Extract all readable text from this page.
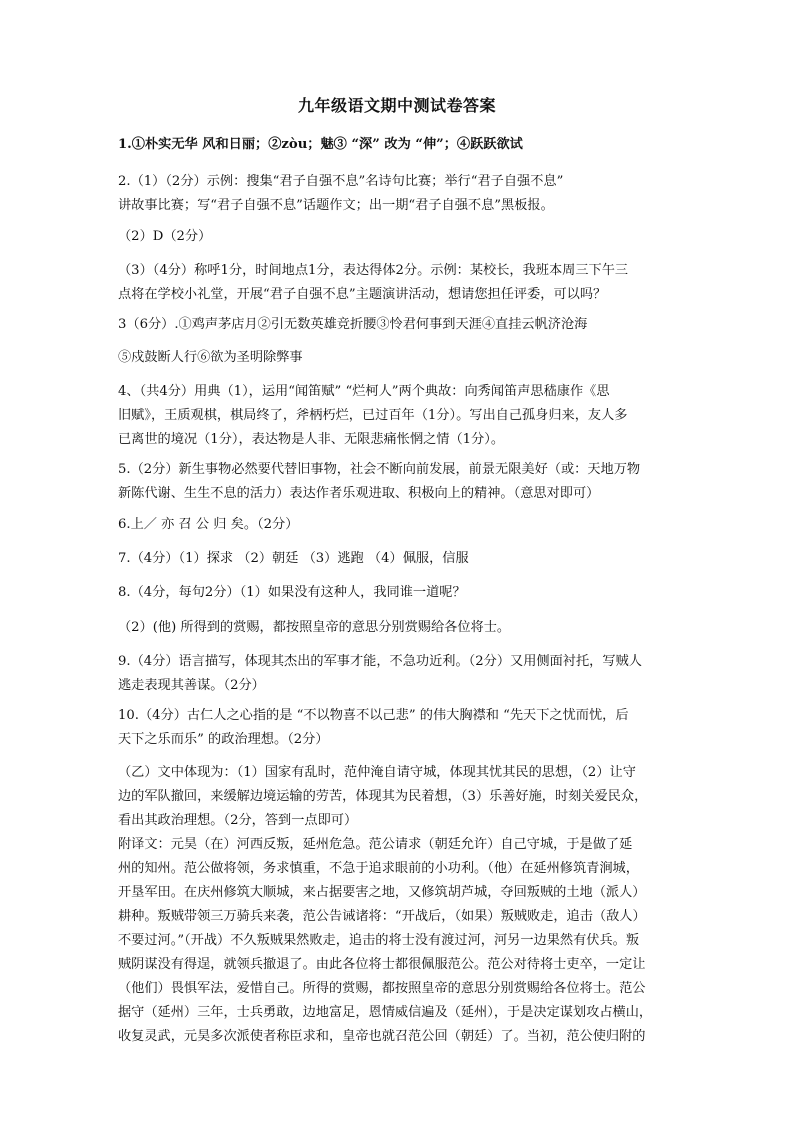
九年级语文期中测试卷答案
1.①朴实无华 风和日丽；②zòu；魅③ “深” 改为 “伸”；④跃跃欲试
2.（1）（2分）示例：搜集“君子自强不息”名诗句比赛；举行“君子自强不息”
讲故事比赛；写“君子自强不息”话题作文；出一期“君子自强不息”黑板报。
（2）D（2分）
（3）（4分）称呼1分，时间地点1分，表达得体2分。示例：某校长，我班本周三下午三
点将在学校小礼堂，开展“君子自强不息”主题演讲活动，想请您担任评委，可以吗？
3（6分）.①鸡声茅店月②引无数英雄竞折腰③怜君何事到天涯④直挂云帆济沧海
⑤戍鼓断人行⑥欲为圣明除弊事
4、（共4分）用典（1），运用“闻笛赋” “烂柯人”两个典故：向秀闻笛声思嵇康作《思
旧赋》，王质观棋，棋局终了，斧柄朽烂，已过百年（1分）。写出自己孤身归来，友人多
已离世的境况（1分），表达物是人非、无限悲痛怅惘之情（1分）。
5.（2分）新生事物必然要代替旧事物，社会不断向前发展，前景无限美好（或：天地万物
新陈代谢、生生不息的活力）表达作者乐观进取、积极向上的精神。（意思对即可）
6.上／ 亦 召 公 归 矣。（2分）
7.（4分）（1）探求 （2）朝廷 （3）逃跑 （4）佩服，信服
8.（4分，每句2分）（1）如果没有这种人，我同谁一道呢？
（2）(他) 所得到的赏赐，都按照皇帝的意思分别赏赐给各位将士。
9.（4分）语言描写，体现其杰出的军事才能，不急功近利。（2分）又用侧面衬托，写贼人
逃走表现其善谋。（2分）
10.（4分）古仁人之心指的是 “不以物喜不以己悲” 的伟大胸襟和 “先天下之忧而忧，后
天下之乐而乐” 的政治理想。（2分）
（乙）文中体现为：（1）国家有乱时，范仲淹自请守城，体现其忧其民的思想，（2）让守
边的军队撤回，来缓解边境运输的劳苦，体现其为民着想，（3）乐善好施，时刻关爱民众，
看出其政治理想。（2分，答到一点即可）
附译文：元昊（在）河西反叛，延州危急。范公请求（朝廷允许）自己守城，于是做了延
州的知州。范公做将领，务求慎重，不急于追求眼前的小功利。（他）在延州修筑青涧城，
开垦军田。在庆州修筑大顺城，来占据要害之地，又修筑胡芦城，夺回叛贼的土地（派人）
耕种。叛贼带领三万骑兵来袭，范公告诫诸将：“开战后，（如果）叛贼败走，追击（敌人）
不要过河。”（开战）不久叛贼果然败走，追击的将士没有渡过河，河另一边果然有伏兵。叛
贼阴谋没有得逞，就领兵撤退了。由此各位将士都很佩服范公。范公对待将士吏卒，一定让
（他们）畏惧军法，爱惜自己。所得的赏赐，都按照皇帝的意思分别赏赐给各位将士。范公
据守（延州）三年，士兵勇敢，边地富足，恩情威信遍及（延州），于是决定谋划攻占横山，
收复灵武，元昊多次派使者称臣求和，皇帝也就召范公回（朝廷）了。当初，范公使归附的
